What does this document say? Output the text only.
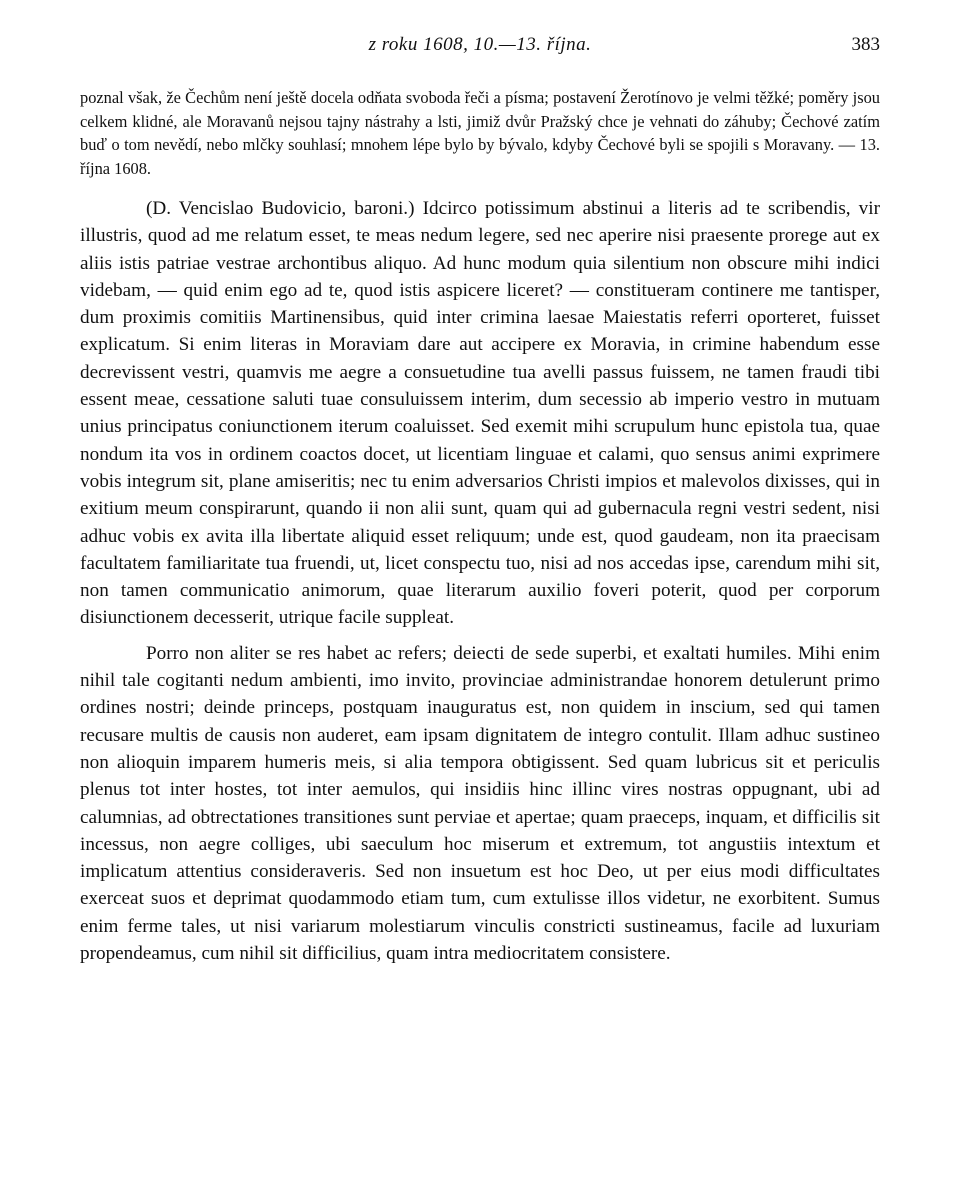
z roku 1608, 10.—13. října.	383

poznal však, že Čechům není ještě docela odňata svoboda řeči a písma; postavení Žerotínovo je velmi těžké; poměry jsou celkem klidné, ale Moravanů nejsou tajny nástrahy a lsti, jimiž dvůr Pražský chce je vehnati do záhuby; Čechové zatím buď o tom nevědí, nebo mlčky souhlasí; mnohem lépe bylo by bývalo, kdyby Čechové byli se spojili s Moravany. — 13. října 1608.

(D. Vencislao Budovicio, baroni.) Idcirco potissimum abstinui a literis ad te scribendis, vir illustris, quod ad me relatum esset, te meas nedum legere, sed nec aperire nisi praesente prorege aut ex aliis istis patriae vestrae archontibus aliquo. Ad hunc modum quia silentium non obscure mihi indici videbam, — quid enim ego ad te, quod istis aspicere liceret? — constitueram continere me tantisper, dum proximis comitiis Martinensibus, quid inter crimina laesae Maiestatis referri oporteret, fuisset explicatum. Si enim literas in Moraviam dare aut accipere ex Moravia, in crimine habendum esse decrevissent vestri, quamvis me aegre a consuetudine tua avelli passus fuissem, ne tamen fraudi tibi essent meae, cessatione saluti tuae consuluissem interim, dum secessio ab imperio vestro in mutuam unius principatus coniunctionem iterum coaluisset. Sed exemit mihi scrupulum hunc epistola tua, quae nondum ita vos in ordinem coactos docet, ut licentiam linguae et calami, quo sensus animi exprimere vobis integrum sit, plane amiseritis; nec tu enim adversarios Christi impios et malevolos dixisses, qui in exitium meum conspirarunt, quando ii non alii sunt, quam qui ad gubernacula regni vestri sedent, nisi adhuc vobis ex avita illa libertate aliquid esset reliquum; unde est, quod gaudeam, non ita praecisam facultatem familiaritate tua fruendi, ut, licet conspectu tuo, nisi ad nos accedas ipse, carendum mihi sit, non tamen communicatio animorum, quae literarum auxilio foveri poterit, quod per corporum disiunctionem decesserit, utrique facile suppleat.

Porro non aliter se res habet ac refers; deiecti de sede superbi, et exaltati humiles. Mihi enim nihil tale cogitanti nedum ambienti, imo invito, provinciae administrandae honorem detulerunt primo ordines nostri; deinde princeps, postquam inauguratus est, non quidem in inscium, sed qui tamen recusare multis de causis non auderet, eam ipsam dignitatem de integro contulit. Illam adhuc sustineo non alioquin imparem humeris meis, si alia tempora obtigissent. Sed quam lubricus sit et periculis plenus tot inter hostes, tot inter aemulos, qui insidiis hinc illinc vires nostras oppugnant, ubi ad calumnias, ad obtrectationes transitiones sunt perviae et apertae; quam praeceps, inquam, et difficilis sit incessus, non aegre colliges, ubi saeculum hoc miserum et extremum, tot angustiis intextum et implicatum attentius consideraveris. Sed non insuetum est hoc Deo, ut per eius modi difficultates exerceat suos et deprimat quodammodo etiam tum, cum extulisse illos videtur, ne exorbitent. Sumus enim ferme tales, ut nisi variarum molestiarum vinculis constricti sustineamus, facile ad luxuriam propendeamus, cum nihil sit difficilius, quam intra mediocritatem consistere.
